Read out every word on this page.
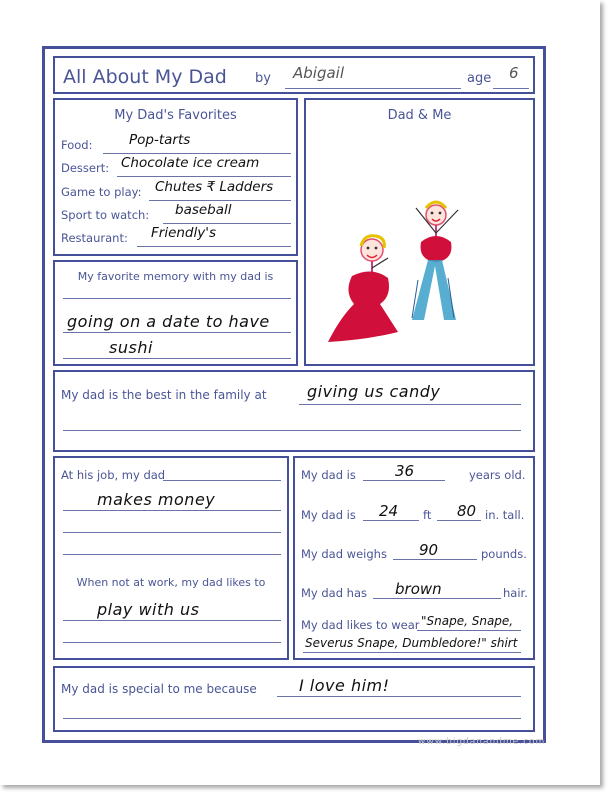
All About My Dad by Abigail	age 6
My Dad's Favorites
Food:	Pop-tarts
Dessert: Chocolate ice cream
Game to play: Chutes ₹ Ladders
Sport to watch: baseball
Restaurant: Friendly's
Dad & Me
My favorite memory with my dad is
going on a date to have
sushi
My dad is the best in the family at	giving us candy
At his job, my dad
makes money
When not at work, my dad likes to
play with us
My dad is	36	years old.
My dad is 24 ft 80 in. tall.
My dad weighs 90	pounds.
My dad has brown	hair.
My dad likes to wear "Snape, Snape,
Severus Snape, Dumbledore!" shirt
My dad is special to me because	I love him!
www.bigdanandme.com
